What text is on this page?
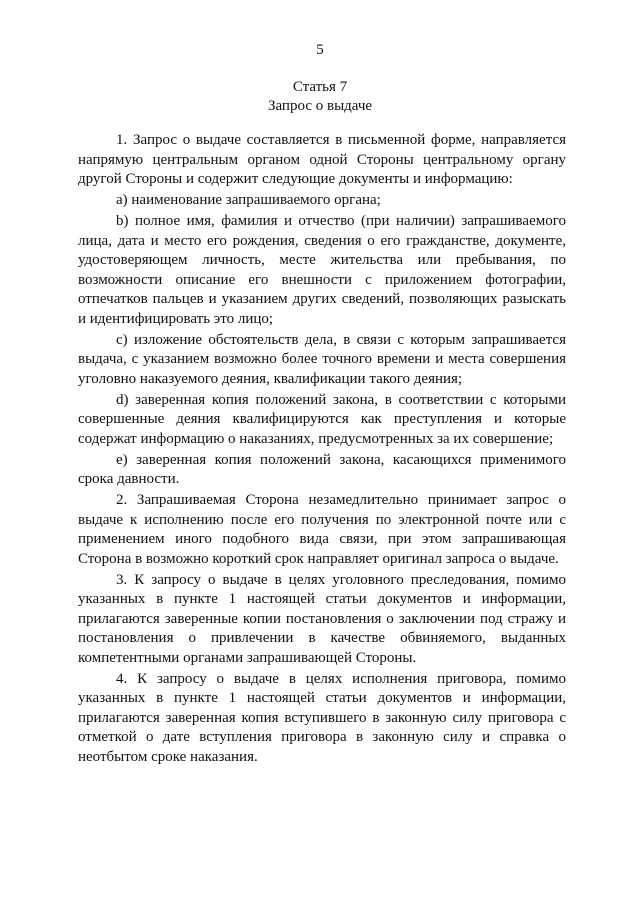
5
Статья 7
Запрос о выдаче

1. Запрос о выдаче составляется в письменной форме, направляется напрямую центральным органом одной Стороны центральному органу другой Стороны и содержит следующие документы и информацию:

а) наименование запрашиваемого органа;

b) полное имя, фамилия и отчество (при наличии) запрашиваемого лица, дата и место его рождения, сведения о его гражданстве, документе, удостоверяющем личность, месте жительства или пребывания, по возможности описание его внешности с приложением фотографии, отпечатков пальцев и указанием других сведений, позволяющих разыскать и идентифицировать это лицо;

c) изложение обстоятельств дела, в связи с которым запрашивается выдача, с указанием возможно более точного времени и места совершения уголовно наказуемого деяния, квалификации такого деяния;

d) заверенная копия положений закона, в соответствии с которыми совершенные деяния квалифицируются как преступления и которые содержат информацию о наказаниях, предусмотренных за их совершение;

e) заверенная копия положений закона, касающихся применимого срока давности.

2. Запрашиваемая Сторона незамедлительно принимает запрос о выдаче к исполнению после его получения по электронной почте или с применением иного подобного вида связи, при этом запрашивающая Сторона в возможно короткий срок направляет оригинал запроса о выдаче.

3. К запросу о выдаче в целях уголовного преследования, помимо указанных в пункте 1 настоящей статьи документов и информации, прилагаются заверенные копии постановления о заключении под стражу и постановления о привлечении в качестве обвиняемого, выданных компетентными органами запрашивающей Стороны.

4. К запросу о выдаче в целях исполнения приговора, помимо указанных в пункте 1 настоящей статьи документов и информации, прилагаются заверенная копия вступившего в законную силу приговора с отметкой о дате вступления приговора в законную силу и справка о неотбытом сроке наказания.
